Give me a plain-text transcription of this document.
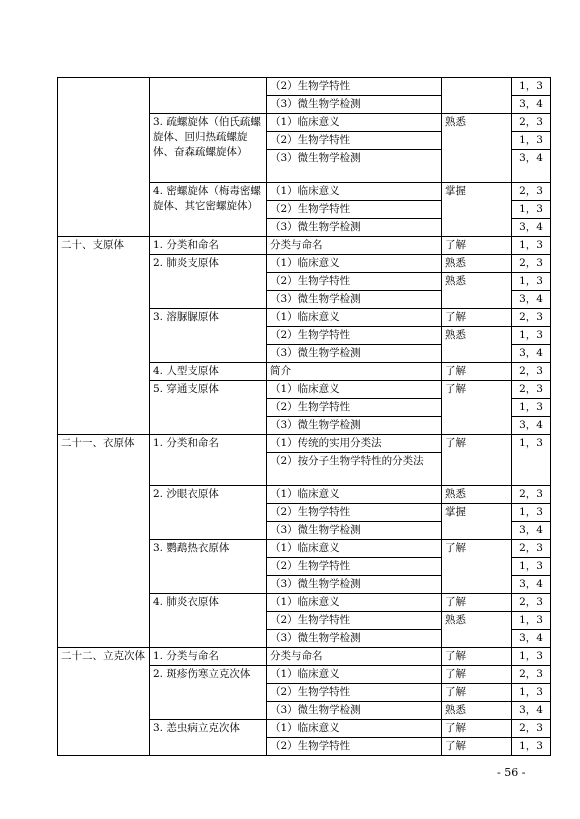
		（2）生物学特性		1，3
		（3）微生物学检测		3，4
	3. 疏螺旋体（伯氏疏螺旋体、回归热疏螺旋体、奋森疏螺旋体）	（1）临床意义	熟悉	2，3
		（2）生物学特性		1，3
		（3）微生物学检测		3，4
	4. 密螺旋体（梅毒密螺旋体、其它密螺旋体）	（1）临床意义	掌握	2，3
		（2）生物学特性		1，3
		（3）微生物学检测		3，4
二十、支原体	1. 分类和命名	分类与命名	了解	1，3
	2. 肺炎支原体	（1）临床意义	熟悉	2，3
		（2）生物学特性	熟悉	1，3
		（3）微生物学检测		3，4
	3. 溶脲脲原体	（1）临床意义	了解	2，3
		（2）生物学特性	熟悉	1，3
		（3）微生物学检测		3，4
	4. 人型支原体	简介	了解	2，3
	5. 穿通支原体	（1）临床意义	了解	2，3
		（2）生物学特性		1，3
		（3）微生物学检测		3，4
二十一、衣原体	1. 分类和命名	（1）传统的实用分类法	了解	1，3
		（2）按分子生物学特性的分类法		
	2. 沙眼衣原体	（1）临床意义	熟悉	2，3
		（2）生物学特性	掌握	1，3
		（3）微生物学检测		3，4
	3. 鹦鹉热衣原体	（1）临床意义	了解	2，3
		（2）生物学特性		1，3
		（3）微生物学检测		3，4
	4. 肺炎衣原体	（1）临床意义	了解	2，3
		（2）生物学特性	熟悉	1，3
		（3）微生物学检测		3，4
二十二、立克次体	1. 分类与命名	分类与命名	了解	1，3
	2. 斑疹伤寒立克次体	（1）临床意义	了解	2，3
		（2）生物学特性	了解	1，3
		（3）微生物学检测	熟悉	3，4
	3. 恙虫病立克次体	（1）临床意义	了解	2，3
		（2）生物学特性	了解	1，3
- 56 -
